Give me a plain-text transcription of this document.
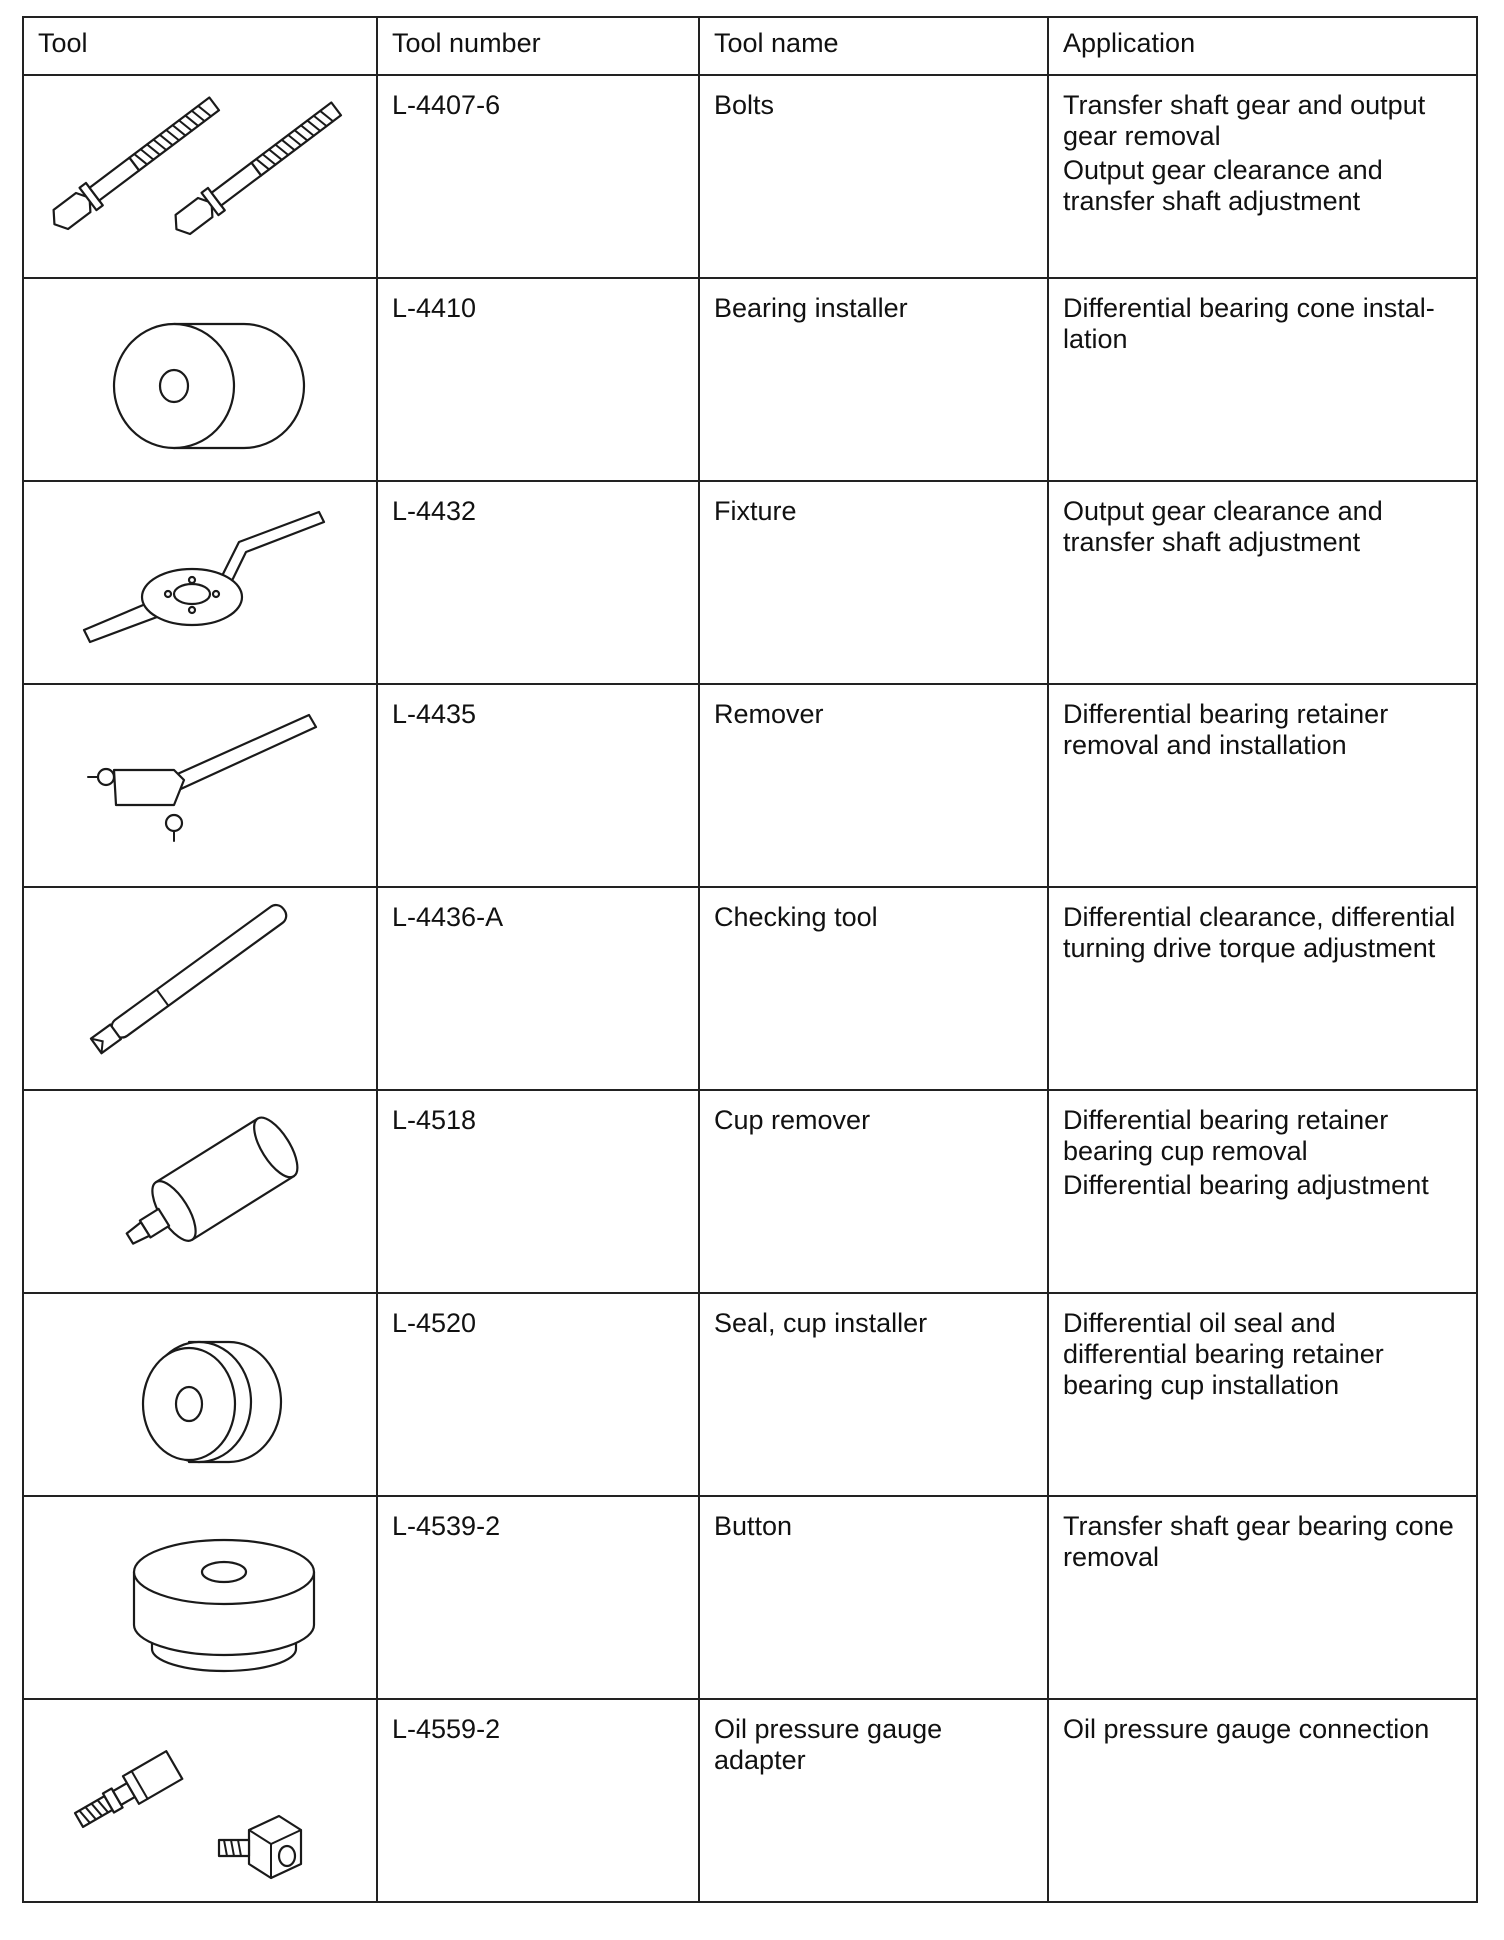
Tool	Tool number	Tool name	Application

	L-4407-6	Bolts	Transfer shaft gear and output gear removal
Output gear clearance and transfer shaft adjustment

	L-4410	Bearing installer	Differential bearing cone instal-lation

	L-4432	Fixture	Output gear clearance and transfer shaft adjustment

	L-4435	Remover	Differential bearing retainer removal and installation

	L-4436-A	Checking tool	Differential clearance, differential turning drive torque adjustment

	L-4518	Cup remover	Differential bearing retainer bearing cup removal
Differential bearing adjustment

	L-4520	Seal, cup installer	Differential oil seal and differential bearing retainer bearing cup installation

	L-4539-2	Button	Transfer shaft gear bearing cone removal

	L-4559-2	Oil pressure gauge adapter	Oil pressure gauge connection
